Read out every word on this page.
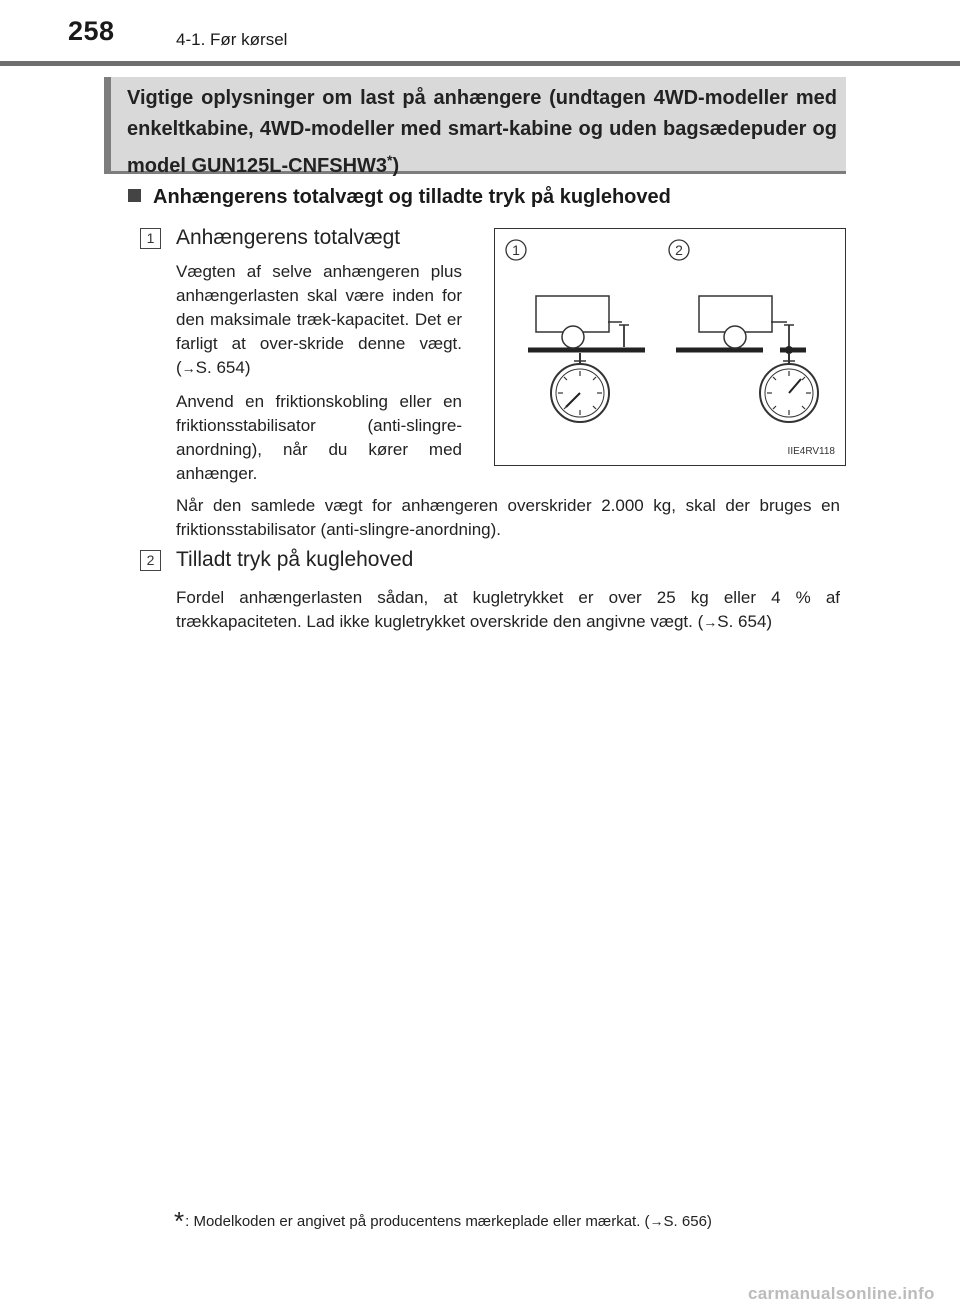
258	4-1. Før kørsel
Vigtige oplysninger om last på anhængere (undtagen 4WD-modeller med enkeltkabine, 4WD-modeller med smart-kabine og uden bagsædepuder og model GUN125L-CNFSHW3*)
Anhængerens totalvægt og tilladte tryk på kuglehoved
1	Anhængerens totalvægt
Vægten af selve anhængeren plus anhængerlasten skal være inden for den maksimale træk-kapacitet. Det er farligt at over-skride denne vægt. (→S. 654)
Anvend en friktionskobling eller en friktionsstabilisator (anti-slingre-anordning), når du kører med anhænger.
Når den samlede vægt for anhængeren overskrider 2.000 kg, skal der bruges en friktionsstabilisator (anti-slingre-anordning).
2	Tilladt tryk på kuglehoved
Fordel anhængerlasten sådan, at kugletrykket er over 25 kg eller 4 % af trækkapaciteten. Lad ikke kugletrykket overskride den angivne vægt. (→S. 654)
1	2
IIE4RV118
*: Modelkoden er angivet på producentens mærkeplade eller mærkat. (→S. 656)
carmanualsonline.info
